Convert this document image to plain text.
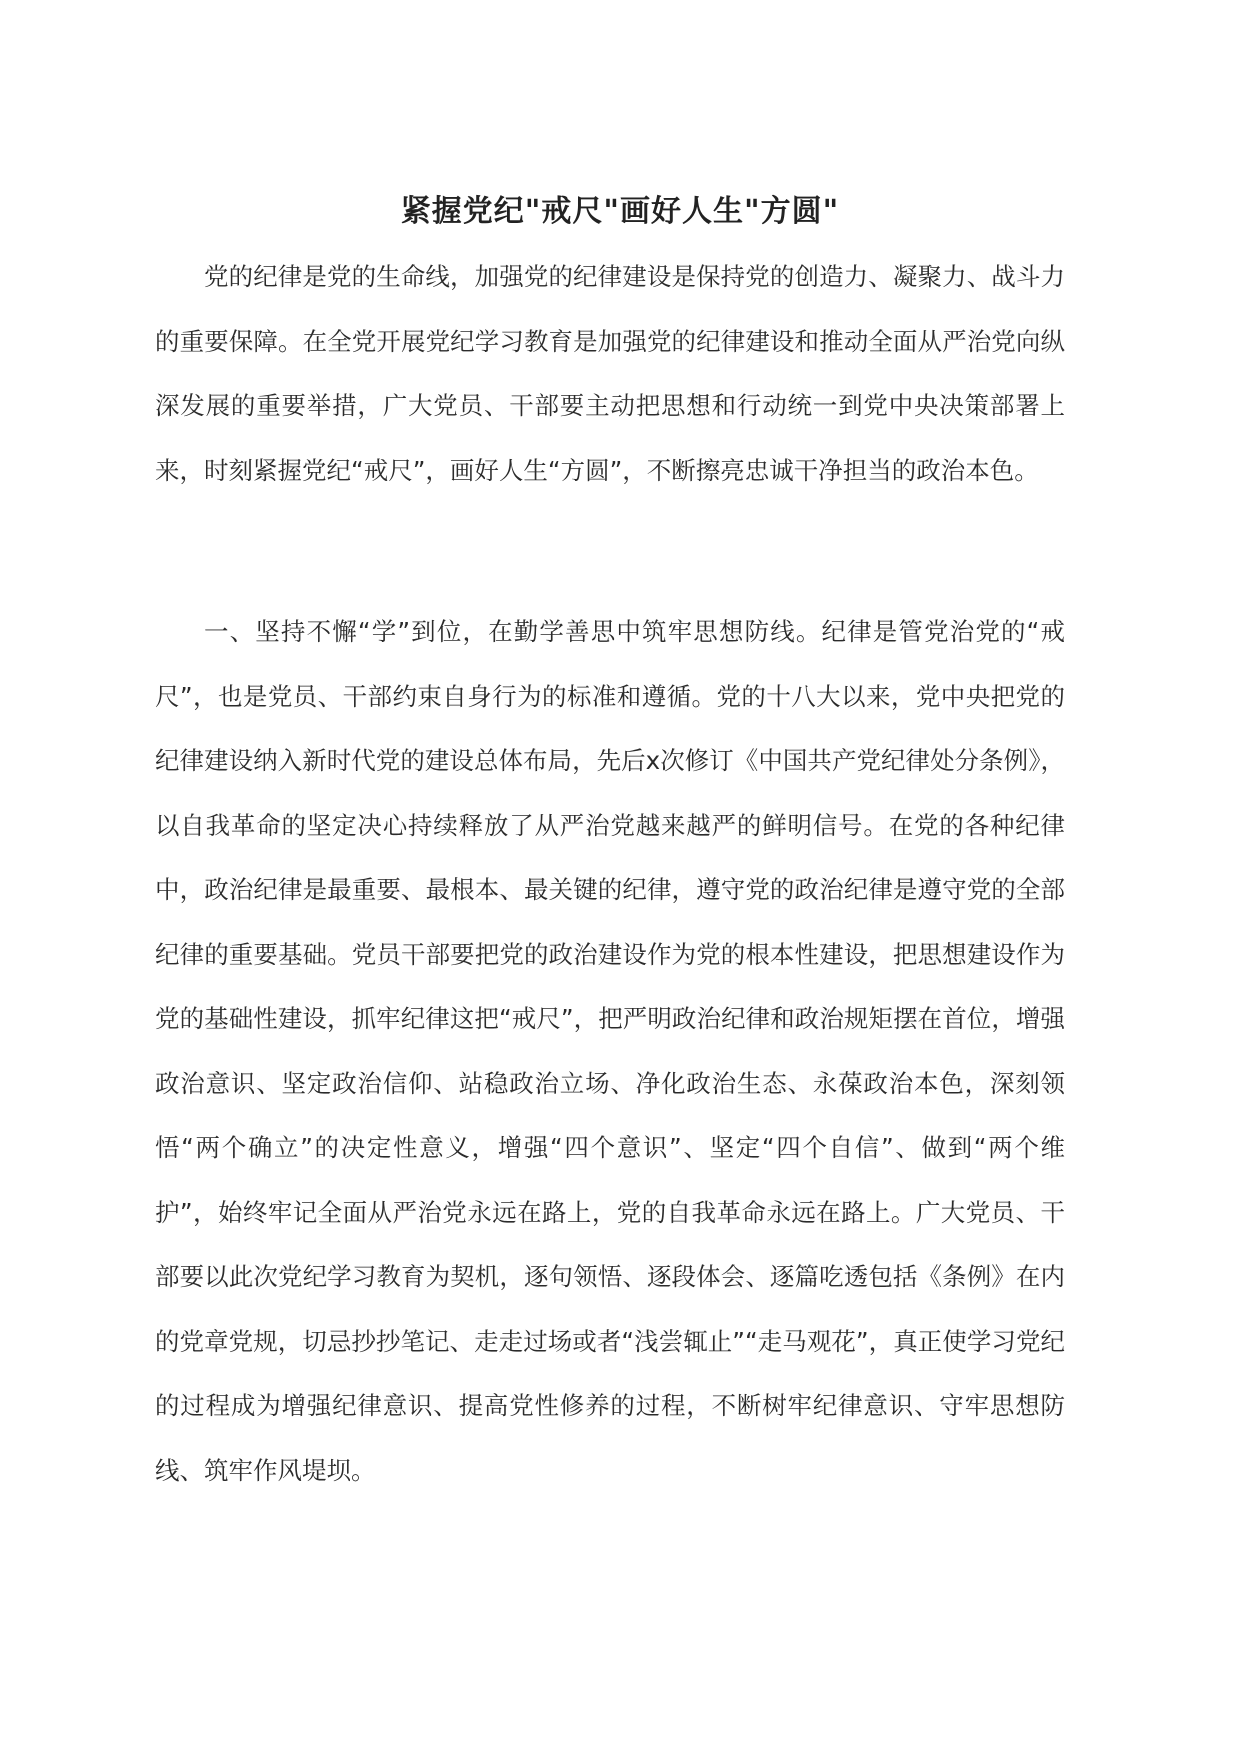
紧握党纪"戒尺"画好人生"方圆"

党的纪律是党的生命线，加强党的纪律建设是保持党的创造力、凝聚力、战斗力的重要保障。在全党开展党纪学习教育是加强党的纪律建设和推动全面从严治党向纵深发展的重要举措，广大党员、干部要主动把思想和行动统一到党中央决策部署上来，时刻紧握党纪“戒尺”，画好人生“方圆”，不断擦亮忠诚干净担当的政治本色。

一、坚持不懈“学”到位，在勤学善思中筑牢思想防线。纪律是管党治党的“戒尺”，也是党员、干部约束自身行为的标准和遵循。党的十八大以来，党中央把党的纪律建设纳入新时代党的建设总体布局，先后x次修订《中国共产党纪律处分条例》，以自我革命的坚定决心持续释放了从严治党越来越严的鲜明信号。在党的各种纪律中，政治纪律是最重要、最根本、最关键的纪律，遵守党的政治纪律是遵守党的全部纪律的重要基础。党员干部要把党的政治建设作为党的根本性建设，把思想建设作为党的基础性建设，抓牢纪律这把“戒尺”，把严明政治纪律和政治规矩摆在首位，增强政治意识、坚定政治信仰、站稳政治立场、净化政治生态、永葆政治本色，深刻领悟“两个确立”的决定性意义，增强“四个意识”、坚定“四个自信”、做到“两个维护”，始终牢记全面从严治党永远在路上，党的自我革命永远在路上。广大党员、干部要以此次党纪学习教育为契机，逐句领悟、逐段体会、逐篇吃透包括《条例》在内的党章党规，切忌抄抄笔记、走走过场或者“浅尝辄止”“走马观花”，真正使学习党纪的过程成为增强纪律意识、提高党性修养的过程，不断树牢纪律意识、守牢思想防线、筑牢作风堤坝。
